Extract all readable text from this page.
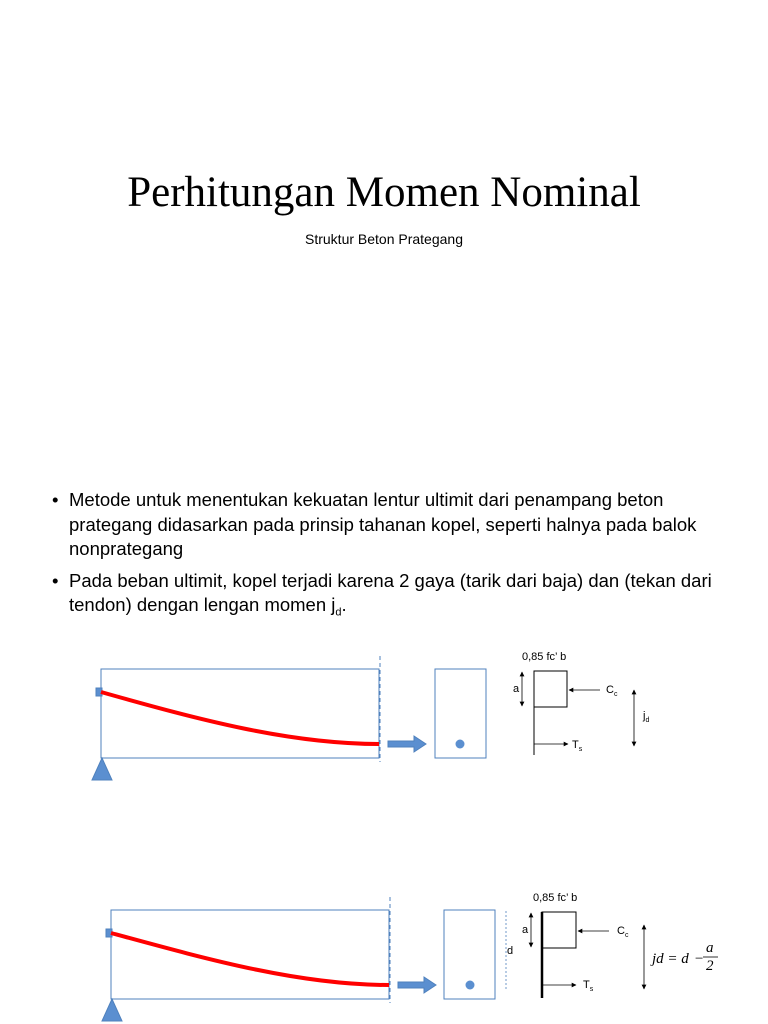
Perhitungan Momen Nominal
Struktur Beton Prategang
• Metode untuk menentukan kekuatan lentur ultimit dari penampang beton prategang didasarkan pada prinsip tahanan kopel, seperti halnya pada balok nonprategang
• Pada beban ultimit, kopel terjadi karena 2 gaya (tarik dari baja) dan (tekan dari tendon) dengan lengan momen $j_d$.
0,85 fc’ b
a	$C_c$
$T_s$
$j_d$
d
0,85 fc’ b
a	$C_c$
$T_s$
jd = d −
a
2
